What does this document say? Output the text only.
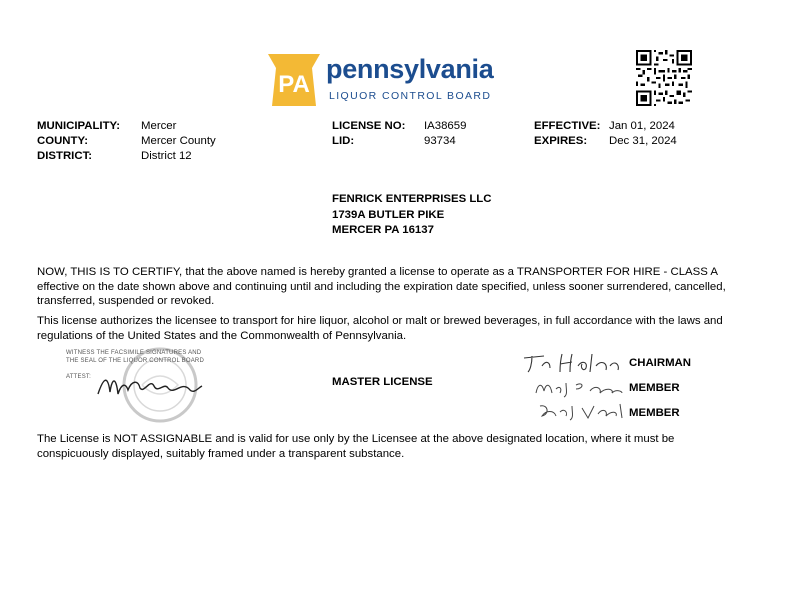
PA
pennsylvania
LIQUOR CONTROL BOARD
MUNICIPALITY: Mercer
COUNTY:	Mercer County
DISTRICT:	District 12
LICENSE NO: IA38659
LID:	93734
EFFECTIVE: Jan 01, 2024
EXPIRES: Dec 31, 2024
FENRICK ENTERPRISES LLC
1739A BUTLER PIKE
MERCER PA 16137
NOW, THIS IS TO CERTIFY, that the above named is hereby granted a license to operate as a TRANSPORTER FOR HIRE - CLASS A effective on the date shown above and continuing until and including the expiration date specified, unless sooner surrendered, cancelled, transferred, suspended or revoked.
This license authorizes the licensee to transport for hire liquor, alcohol or malt or brewed beverages, in full accordance with the laws and regulations of the United States and the Commonwealth of Pennsylvania.
WITNESS THE FACSIMILE SIGNATURES AND
THE SEAL OF THE LIQUOR CONTROL BOARD
ATTEST:	MASTER LICENSE
CHAIRMAN
MEMBER
MEMBER
The License is NOT ASSIGNABLE and is valid for use only by the Licensee at the above designated location, where it must be conspicuously displayed, suitably framed under a transparent substance.
